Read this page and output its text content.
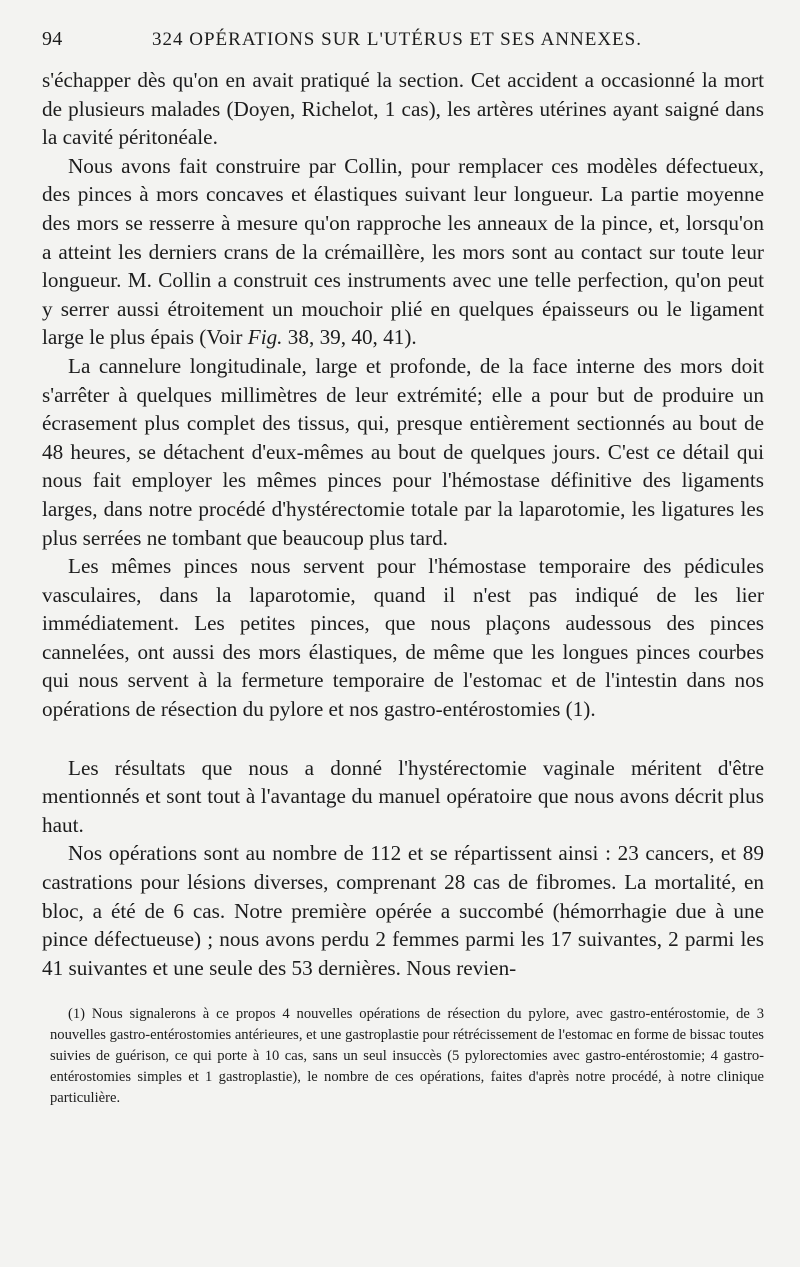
94	324 OPÉRATIONS SUR L'UTÉRUS ET SES ANNEXES.

s'échapper dès qu'on en avait pratiqué la section. Cet accident a occasionné la mort de plusieurs malades (Doyen, Richelot, 1 cas), les artères utérines ayant saigné dans la cavité péritonéale.

Nous avons fait construire par Collin, pour remplacer ces modèles défectueux, des pinces à mors concaves et élastiques suivant leur longueur. La partie moyenne des mors se resserre à mesure qu'on rapproche les anneaux de la pince, et, lorsqu'on a atteint les derniers crans de la crémaillère, les mors sont au contact sur toute leur longueur. M. Collin a construit ces instruments avec une telle perfection, qu'on peut y serrer aussi étroitement un mouchoir plié en quelques épaisseurs ou le ligament large le plus épais (Voir Fig. 38, 39, 40, 41).

La cannelure longitudinale, large et profonde, de la face interne des mors doit s'arrêter à quelques millimètres de leur extrémité; elle a pour but de produire un écrasement plus complet des tissus, qui, presque entièrement sectionnés au bout de 48 heures, se détachent d'eux-mêmes au bout de quelques jours. C'est ce détail qui nous fait employer les mêmes pinces pour l'hémostase définitive des ligaments larges, dans notre procédé d'hystérectomie totale par la laparotomie, les ligatures les plus serrées ne tombant que beaucoup plus tard.

Les mêmes pinces nous servent pour l'hémostase temporaire des pédicules vasculaires, dans la laparotomie, quand il n'est pas indiqué de les lier immédiatement. Les petites pinces, que nous plaçons audessous des pinces cannelées, ont aussi des mors élastiques, de même que les longues pinces courbes qui nous servent à la fermeture temporaire de l'estomac et de l'intestin dans nos opérations de résection du pylore et nos gastro-entérostomies (1).

Les résultats que nous a donné l'hystérectomie vaginale méritent d'être mentionnés et sont tout à l'avantage du manuel opératoire que nous avons décrit plus haut.

Nos opérations sont au nombre de 112 et se répartissent ainsi : 23 cancers, et 89 castrations pour lésions diverses, comprenant 28 cas de fibromes. La mortalité, en bloc, a été de 6 cas. Notre première opérée a succombé (hémorrhagie due à une pince défectueuse) ; nous avons perdu 2 femmes parmi les 17 suivantes, 2 parmi les 41 suivantes et une seule des 53 dernières. Nous revien-

(1) Nous signalerons à ce propos 4 nouvelles opérations de résection du pylore, avec gastro-entérostomie, de 3 nouvelles gastro-entérostomies antérieures, et une gastroplastie pour rétrécissement de l'estomac en forme de bissac toutes suivies de guérison, ce qui porte à 10 cas, sans un seul insuccès (5 pylorectomies avec gastro-entérostomie; 4 gastro-entérostomies simples et 1 gastroplastie), le nombre de ces opérations, faites d'après notre procédé, à notre clinique particulière.
